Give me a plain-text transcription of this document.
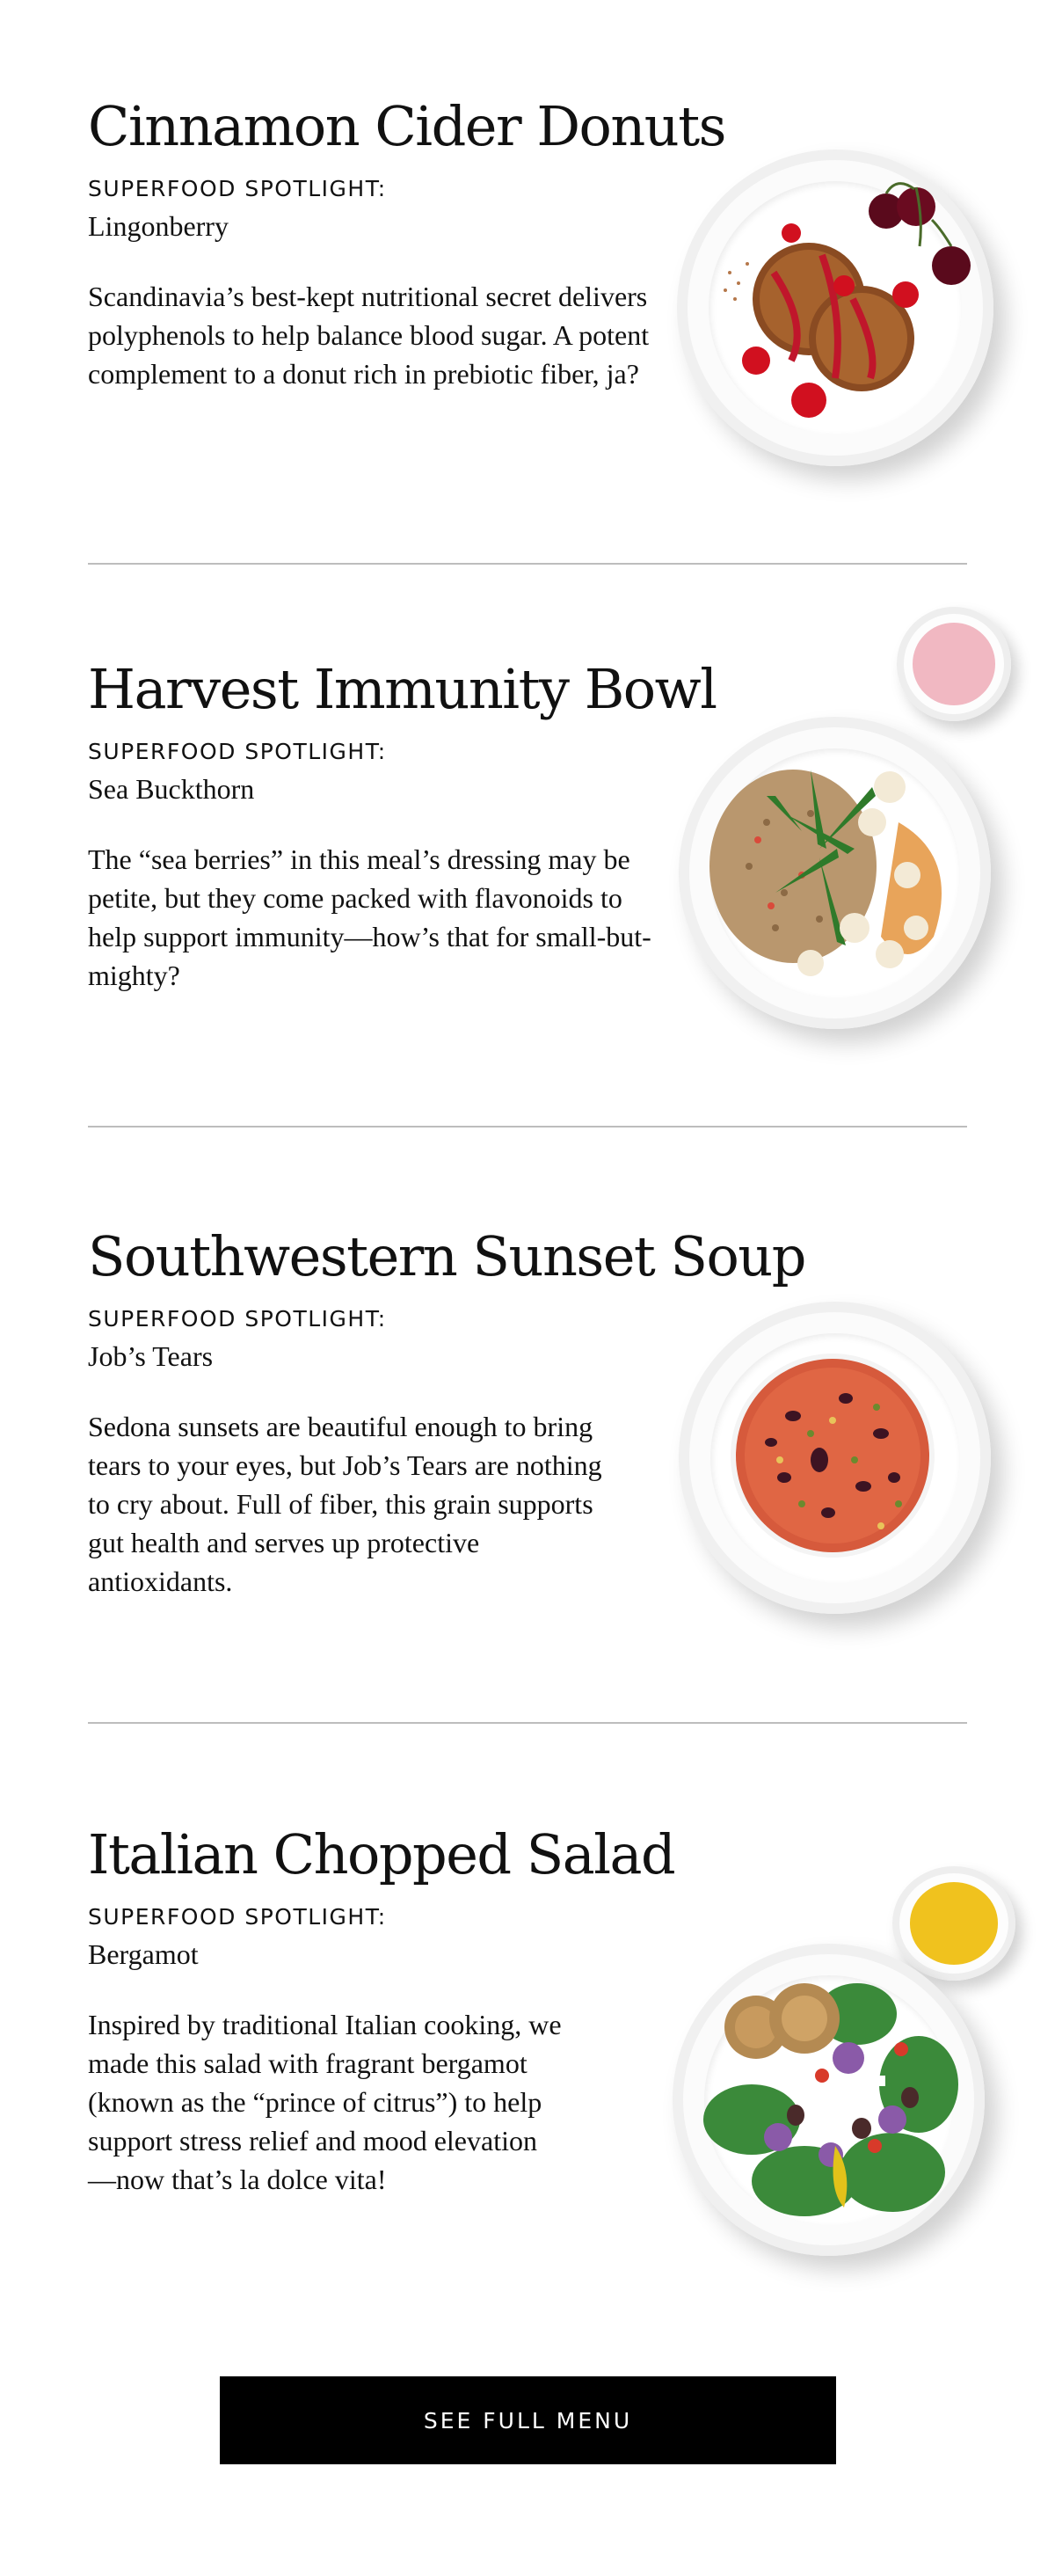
Cinnamon Cider Donuts
SUPERFOOD SPOTLIGHT:
Lingonberry
Scandinavia’s best-kept nutritional secret delivers polyphenols to help balance blood sugar. A potent complement to a donut rich in prebiotic fiber, ja?
Harvest Immunity Bowl
SUPERFOOD SPOTLIGHT:
Sea Buckthorn
The “sea berries” in this meal’s dressing may be petite, but they come packed with flavonoids to help support immunity—how’s that for small-but-mighty?
Southwestern Sunset Soup
SUPERFOOD SPOTLIGHT:
Job’s Tears
Sedona sunsets are beautiful enough to bring tears to your eyes, but Job’s Tears are nothing to cry about. Full of fiber, this grain supports gut health and serves up protective antioxidants.
Italian Chopped Salad
SUPERFOOD SPOTLIGHT:
Bergamot
Inspired by traditional Italian cooking, we made this salad with fragrant bergamot (known as the “prince of citrus”) to help support stress relief and mood elevation—now that’s la dolce vita!
SEE FULL MENU
